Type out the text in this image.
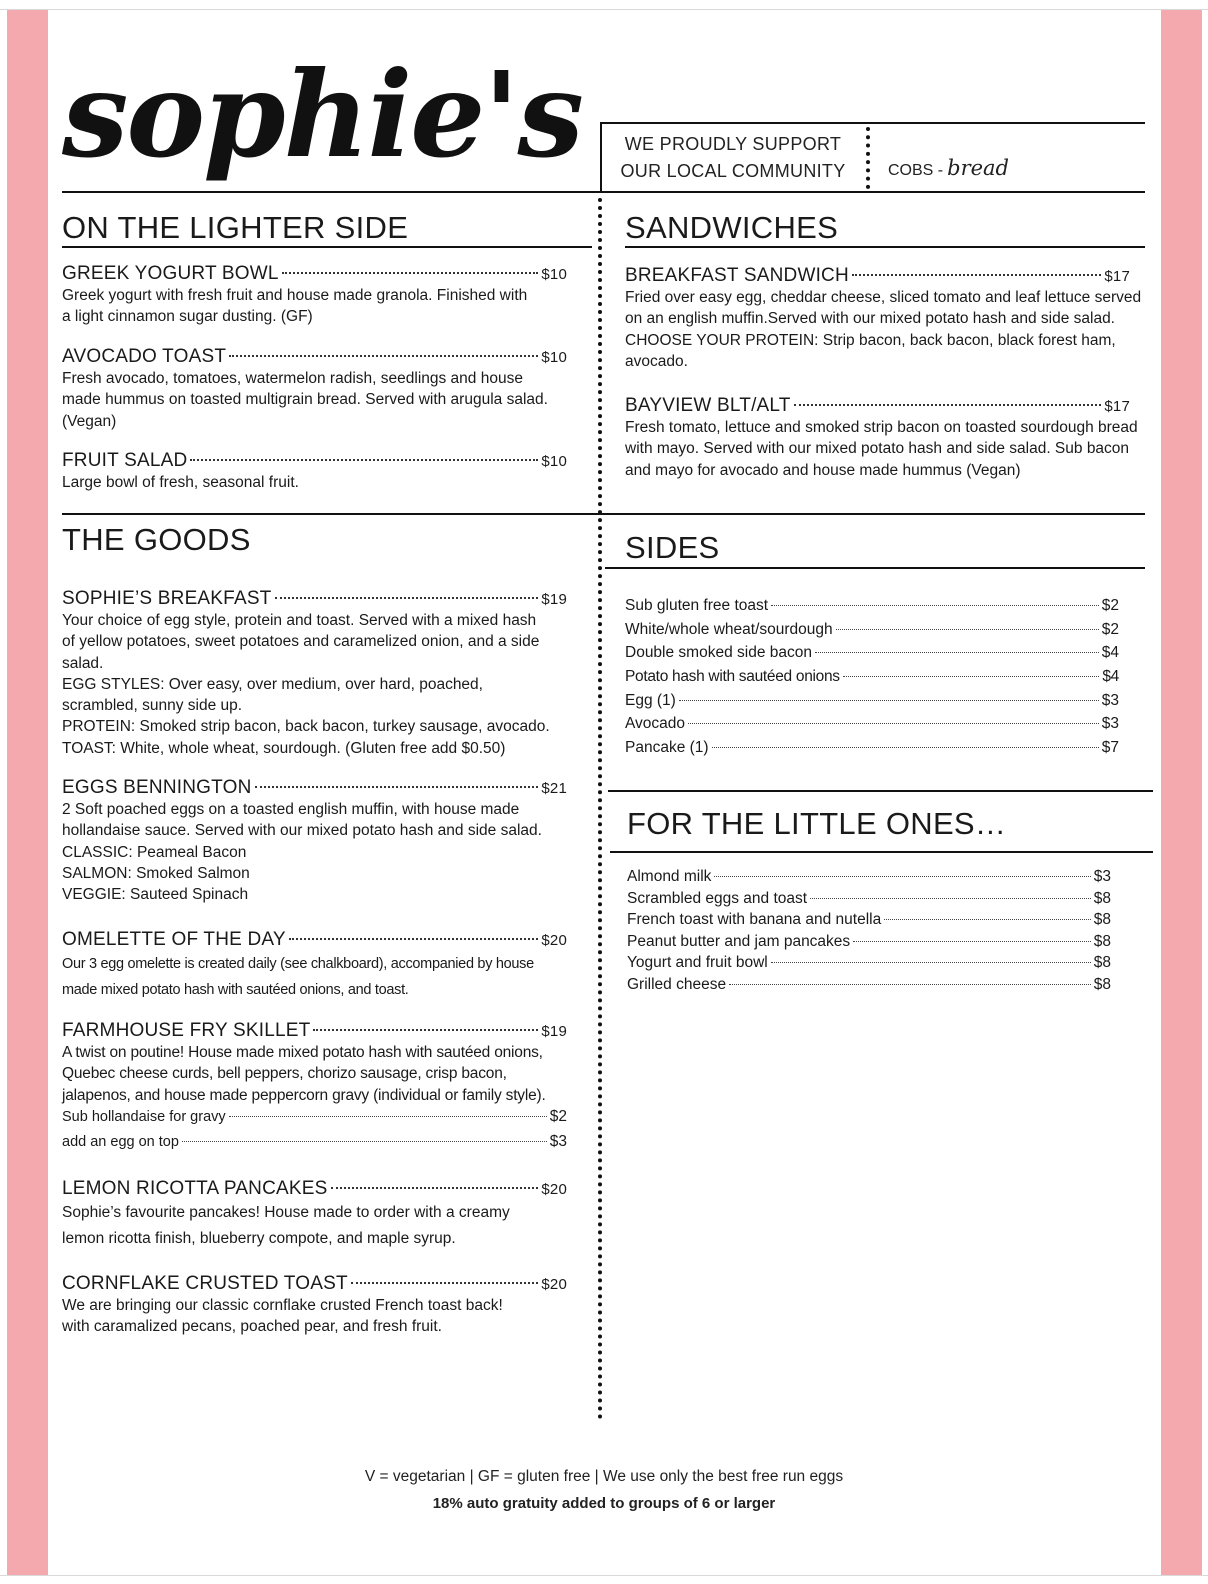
sophie's	WE PROUDLY SUPPORT
OUR LOCAL COMMUNITY	COBS - bread
ON THE LIGHTER SIDE
GREEK YOGURT BOWL	$10

Greek yogurt with fresh fruit and house made granola. Finished with

a light cinnamon sugar dusting. (GF)

AVOCADO TOAST	$10

Fresh avocado, tomatoes, watermelon radish, seedlings and house

made hummus on toasted multigrain bread. Served with arugula salad.

(Vegan)

FRUIT SALAD	$10

Large bowl of fresh, seasonal fruit.

SANDWICHES
BREAKFAST SANDWICH	$17

Fried over easy egg, cheddar cheese, sliced tomato and leaf lettuce served

on an english muffin.Served with our mixed potato hash and side salad.

CHOOSE YOUR PROTEIN: Strip bacon, back bacon, black forest ham,

avocado.

BAYVIEW BLT/ALT	$17

Fresh tomato, lettuce and smoked strip bacon on toasted sourdough bread

with mayo. Served with our mixed potato hash and side salad. Sub bacon

and mayo for avocado and house made hummus (Vegan)

THE GOODS
SOPHIE’S BREAKFAST	$19

Your choice of egg style, protein and toast. Served with a mixed hash

of yellow potatoes, sweet potatoes and caramelized onion, and a side

salad.

EGG STYLES: Over easy, over medium, over hard, poached,

scrambled, sunny side up.

PROTEIN: Smoked strip bacon, back bacon, turkey sausage, avocado.

TOAST: White, whole wheat, sourdough. (Gluten free add $0.50)

EGGS BENNINGTON	$21

2 Soft poached eggs on a toasted english muffin, with house made

hollandaise sauce. Served with our mixed potato hash and side salad.

CLASSIC: Peameal Bacon

SALMON: Smoked Salmon

VEGGIE: Sauteed Spinach

OMELETTE OF THE DAY	$20

Our 3 egg omelette is created daily (see chalkboard), accompanied by house

made mixed potato hash with sautéed onions, and toast.

FARMHOUSE FRY SKILLET	$19

A twist on poutine! House made mixed potato hash with sautéed onions,

Quebec cheese curds, bell peppers, chorizo sausage, crisp bacon,

jalapenos, and house made peppercorn gravy (individual or family style).

Sub hollandaise for gravy	$2
add an egg on top	$3
LEMON RICOTTA PANCAKES	$20

Sophie’s favourite pancakes! House made to order with a creamy

lemon ricotta finish, blueberry compote, and maple syrup.

CORNFLAKE CRUSTED TOAST	$20

We are bringing our classic cornflake crusted French toast back!

with caramalized pecans, poached pear, and fresh fruit.

SIDES
Sub gluten free toast	$2
White/whole wheat/sourdough	$2
Double smoked side bacon	$4
Potato hash with sautéed onions	$4
Egg (1)	$3
Avocado	$3
Pancake (1)	$7
FOR THE LITTLE ONES…
Almond milk	$3
Scrambled eggs and toast	$8
French toast with banana and nutella	$8
Peanut butter and jam pancakes	$8
Yogurt and fruit bowl	$8
Grilled cheese	$8
V = vegetarian | GF = gluten free | We use only the best free run eggs
18% auto gratuity added to groups of 6 or larger
